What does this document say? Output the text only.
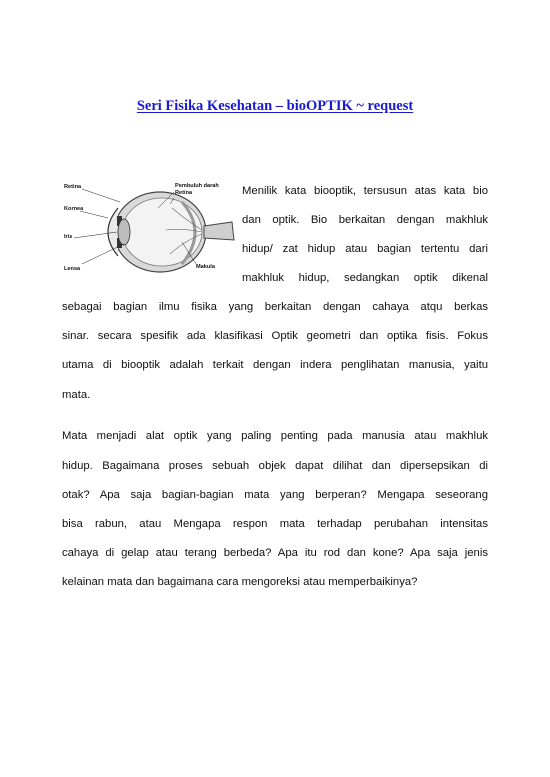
Seri Fisika Kesehatan – bioOPTIK ~ request
Retina
Kornea
Iris
Lensa
Pembuluh darah
Retina
Makula

Menilik kata biooptik, tersusun atas kata bio

dan optik. Bio berkaitan dengan makhluk

hidup/ zat hidup atau bagian tertentu dari

makhluk hidup, sedangkan optik dikenal

sebagai bagian ilmu fisika yang berkaitan dengan cahaya atqu berkas

sinar. secara spesifik ada klasifikasi Optik geometri dan optika fisis. Fokus

utama di biooptik adalah terkait dengan indera penglihatan manusia, yaitu

mata.

Mata menjadi alat optik yang paling penting pada manusia atau makhluk

hidup. Bagaimana proses sebuah objek dapat dilihat dan dipersepsikan di

otak? Apa saja bagian-bagian mata yang berperan? Mengapa seseorang

bisa rabun, atau Mengapa respon mata terhadap perubahan intensitas

cahaya di gelap atau terang berbeda? Apa itu rod dan kone? Apa saja jenis

kelainan mata dan bagaimana cara mengoreksi atau memperbaikinya?
